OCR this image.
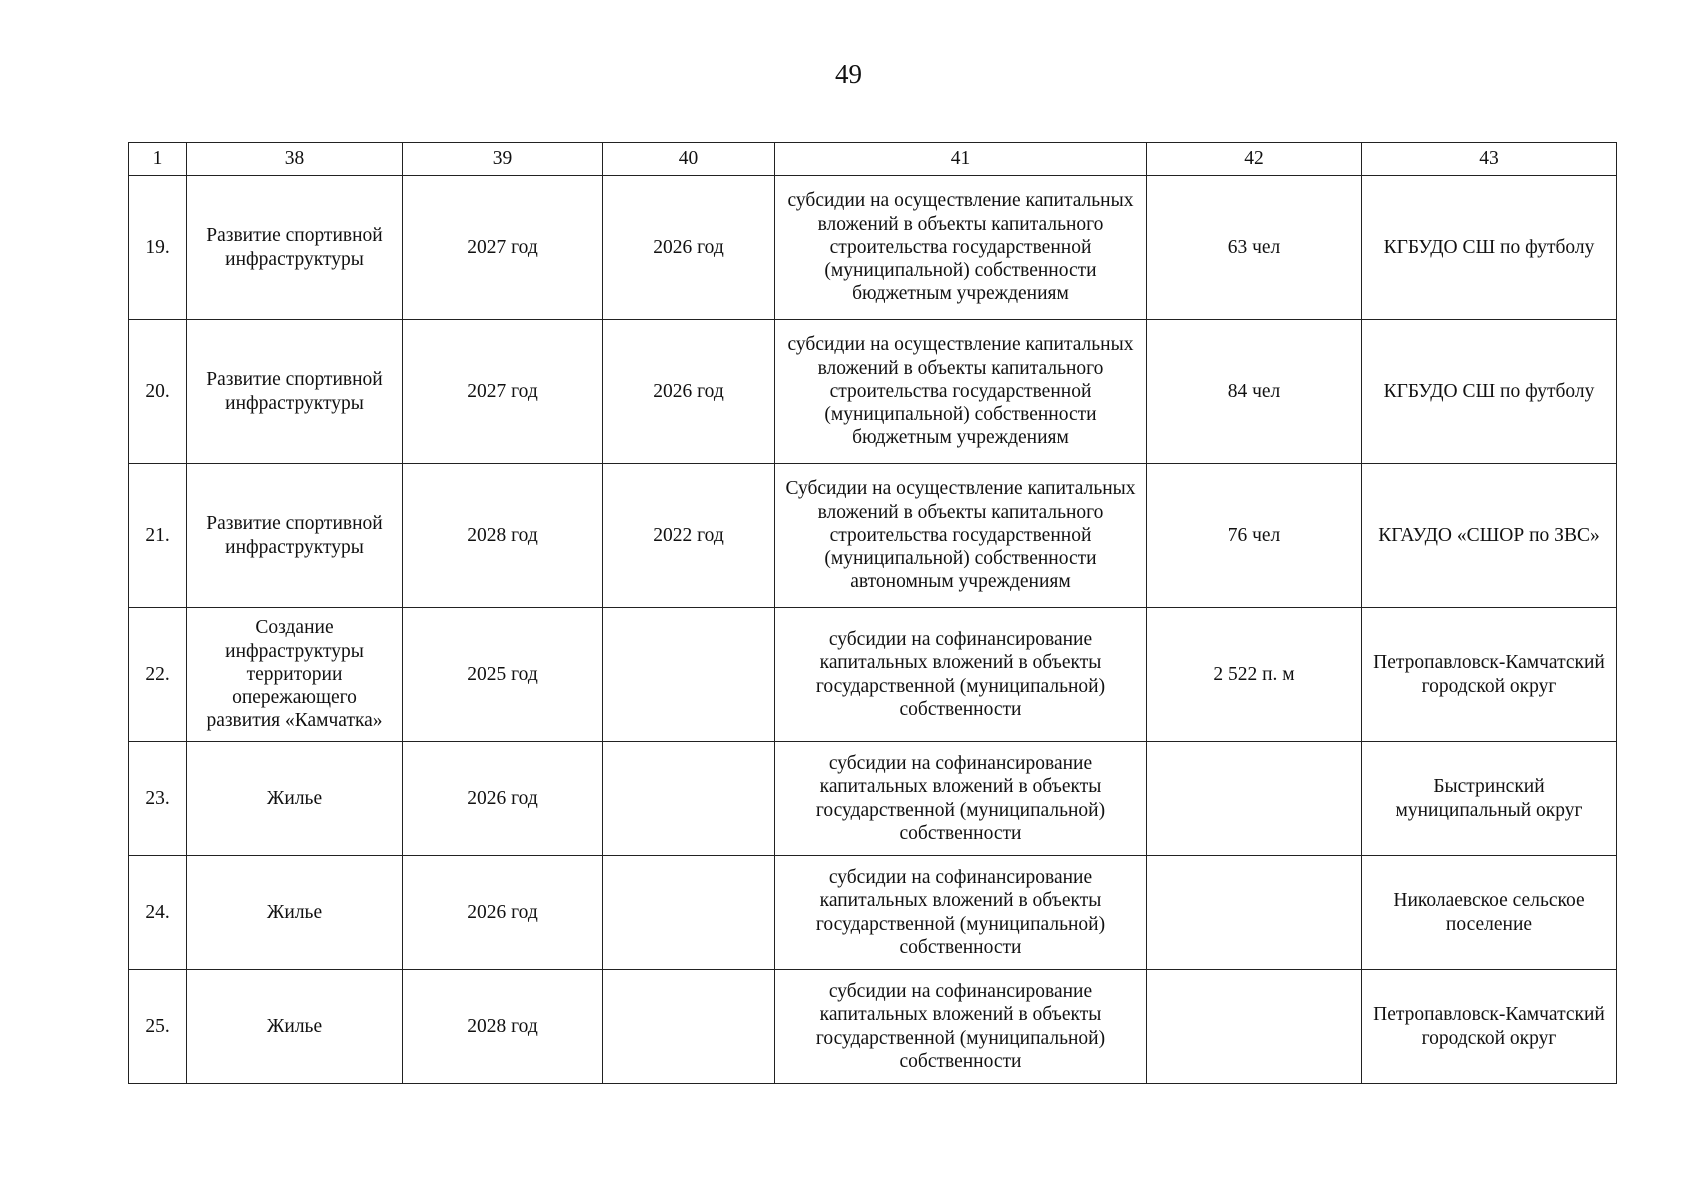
49
1	38	39	40	41	42	43
19.	Развитие спортивной инфраструктуры	2027 год	2026 год	субсидии на осуществление капитальных вложений в объекты капитального строительства государственной (муниципальной) собственности бюджетным учреждениям	63 чел	КГБУДО СШ по футболу
20.	Развитие спортивной инфраструктуры	2027 год	2026 год	субсидии на осуществление капитальных вложений в объекты капитального строительства государственной (муниципальной) собственности бюджетным учреждениям	84 чел	КГБУДО СШ по футболу
21.	Развитие спортивной инфраструктуры	2028 год	2022 год	Субсидии на осуществление капитальных вложений в объекты капитального строительства государственной (муниципальной) собственности автономным учреждениям	76 чел	КГАУДО «СШОР по ЗВС»
22.	Создание инфраструктуры территории опережающего развития «Камчатка»	2025 год		субсидии на софинансирование капитальных вложений в объекты государственной (муниципальной) собственности	2 522 п. м	Петропавловск-Камчатский городской округ
23.	Жилье	2026 год		субсидии на софинансирование капитальных вложений в объекты государственной (муниципальной) собственности		Быстринский муниципальный округ
24.	Жилье	2026 год		субсидии на софинансирование капитальных вложений в объекты государственной (муниципальной) собственности		Николаевское сельское поселение
25.	Жилье	2028 год		субсидии на софинансирование капитальных вложений в объекты государственной (муниципальной) собственности		Петропавловск-Камчатский городской округ
